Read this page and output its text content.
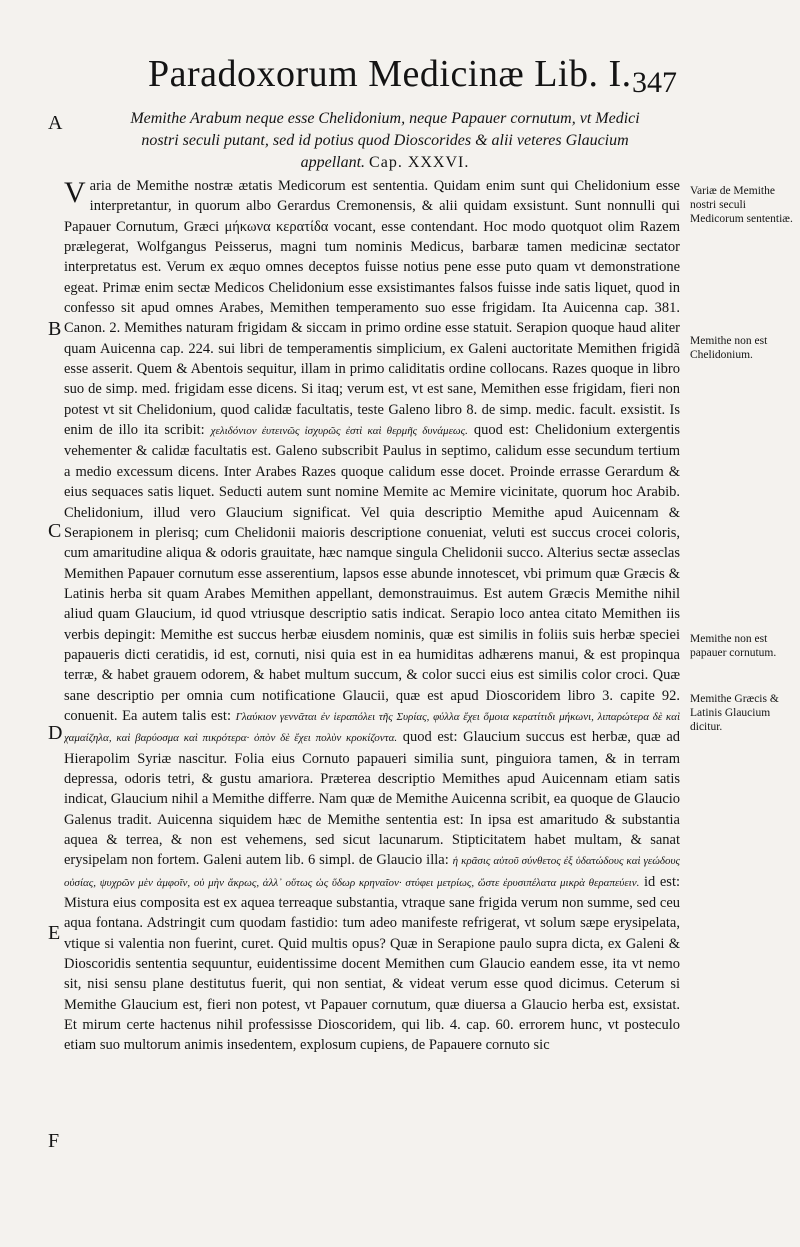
Paradoxorum Medicinæ Lib. I. 347
Memithe Arabum neque esse Chelidonium, neque Papauer cornutum, vt Medici nostri seculi putant, sed id potius quod Dioscorides & alii veteres Glaucium appellant. Cap. XXXVI.
A
B
C
D
E
F
Variæ de Memithe nostri seculi Medicorum sententiæ.
Memithe non est Chelidonium.
Memithe non est papauer cornutum.
Memithe Græcis & Latinis Glaucium dicitur.

Varia de Memithe nostræ ætatis Medicorum est sententia. Quidam enim sunt qui Chelidonium esse interpretantur, in quorum albo Gerardus Cremonensis, & alii quidam exsistunt. Sunt nonnulli qui Papauer Cornutum, Græci μήκωνα κερατίδα vocant, esse contendant. Hoc modo quotquot olim Razem prælegerat, Wolfgangus Peisserus, magni tum nominis Medicus, barbaræ tamen medicinæ sectator interpretatus est. Verum ex æquo omnes deceptos fuisse notius pene esse puto quam vt demonstratione egeat. Primæ enim sectæ Medicos Chelidonium esse exsistimantes falsos fuisse inde satis liquet, quod in confesso sit apud omnes Arabes, Memithen temperamento suo esse frigidam. Ita Auicenna cap. 381. Canon. 2. Memithes naturam frigidam & siccam in primo ordine esse statuit. Serapion quoque haud aliter quam Auicenna cap. 224. sui libri de temperamentis simplicium, ex Galeni auctoritate Memithen frigidã esse asserit. Quem & Abentois sequitur, illam in primo caliditatis ordine collocans. Razes quoque in libro suo de simp. med. frigidam esse dicens. Si itaq; verum est, vt est sane, Memithen esse frigidam, fieri non potest vt sit Chelidonium, quod calidæ facultatis, teste Galeno libro 8. de simp. medic. facult. exsistit. Is enim de illo ita scribit: χελιδόνιον ἐυτεινῶς ἰσχυρῶς ἐστὶ καὶ θερμῆς δυνάμεως. quod est: Chelidonium extergentis vehementer & calidæ facultatis est. Galeno subscribit Paulus in septimo, calidum esse secundum tertium a medio excessum dicens. Inter Arabes Razes quoque calidum esse docet. Proinde errasse Gerardum & eius sequaces satis liquet. Seducti autem sunt nomine Memite ac Memire vicinitate, quorum hoc Arabib. Chelidonium, illud vero Glaucium significat. Vel quia descriptio Memithe apud Auicennam & Serapionem in plerisq; cum Chelidonii maioris descriptione conueniat, veluti est succus crocei coloris, cum amaritudine aliqua & odoris grauitate, hæc namque singula Chelidonii succo. Alterius sectæ asseclas Memithen Papauer cornutum esse asserentium, lapsos esse abunde innotescet, vbi primum quæ Græcis & Latinis herba sit quam Arabes Memithen appellant, demonstrauimus. Est autem Græcis Memithe nihil aliud quam Glaucium, id quod vtriusque descriptio satis indicat. Serapio loco antea citato Memithen iis verbis depingit: Memithe est succus herbæ eiusdem nominis, quæ est similis in foliis suis herbæ speciei papaueris dicti ceratidis, id est, cornuti, nisi quia est in ea humiditas adhærens manui, & est propinqua terræ, & habet grauem odorem, & habet multum succum, & color succi eius est similis color croci. Quæ sane descriptio per omnia cum notificatione Glaucii, quæ est apud Dioscoridem libro 3. capite 92. conuenit. Ea autem talis est: Γλαύκιον γεννᾶται ἐν ἱεραπόλει τῆς Συρίας, φύλλα ἔχει ὅμοια κερατίτιδι μήκωνι, λιπαρώτερα δὲ καὶ χαμαίζηλα, καὶ βαρύοσμα καὶ πικρότερα· ὀπὸν δὲ ἔχει πολὺν κροκίζοντα. quod est: Glaucium succus est herbæ, quæ ad Hierapolim Syriæ nascitur. Folia eius Cornuto papaueri similia sunt, pinguiora tamen, & in terram depressa, odoris tetri, & gustu amariora. Præterea descriptio Memithes apud Auicennam etiam satis indicat, Glaucium nihil a Memithe differre. Nam quæ de Memithe Auicenna scribit, ea quoque de Glaucio Galenus tradit. Auicenna siquidem hæc de Memithe sententia est: In ipsa est amaritudo & substantia aquea & terrea, & non est vehemens, sed sicut lacunarum. Stipticitatem habet multam, & sanat erysipelam non fortem. Galeni autem lib. 6 simpl. de Glaucio illa: ἡ κρᾶσις αὐτοῦ σύνθετος ἐξ ὑδατώδους καὶ γεώδους οὐσίας, ψυχρῶν μὲν ἀμφοῖν, οὐ μὴν ἄκρως, ἀλλ᾽ οὕτως ὡς ὕδωρ κρηναῖον· στύφει μετρίως, ὥστε ἐρυσιπέλατα μικρὰ θεραπεύειν. id est: Mistura eius composita est ex aquea terreaque substantia, vtraque sane frigida verum non summe, sed ceu aqua fontana. Adstringit cum quodam fastidio: tum adeo manifeste refrigerat, vt solum sæpe erysipelata, vtique si valentia non fuerint, curet. Quid multis opus? Quæ in Serapione paulo supra dicta, ex Galeni & Dioscoridis sententia sequuntur, euidentissime docent Memithen cum Glaucio eandem esse, ita vt nemo sit, nisi sensu plane destitutus fuerit, qui non sentiat, & videat verum esse quod dicimus. Ceterum si Memithe Glaucium est, fieri non potest, vt Papauer cornutum, quæ diuersa a Glaucio herba est, exsistat. Et mirum certe hactenus nihil professisse Dioscoridem, qui lib. 4. cap. 60. errorem hunc, vt posteculo etiam suo multorum animis insedentem, explosum cupiens, de Papauere cornuto sic
